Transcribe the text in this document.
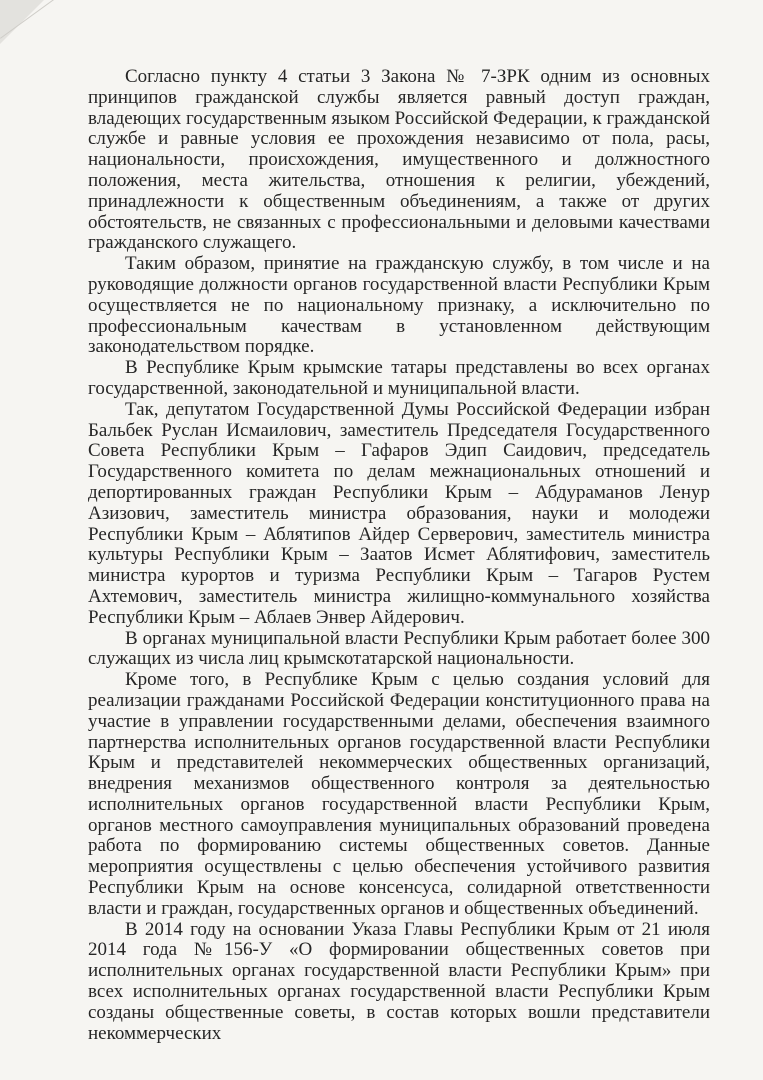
Согласно пункту 4 статьи 3 Закона № 7-ЗРК одним из основных принципов гражданской службы является равный доступ граждан, владеющих государственным языком Российской Федерации, к гражданской службе и равные условия ее прохождения независимо от пола, расы, национальности, происхождения, имущественного и должностного положения, места жительства, отношения к религии, убеждений, принадлежности к общественным объединениям, а также от других обстоятельств, не связанных с профессиональными и деловыми качествами гражданского служащего.

Таким образом, принятие на гражданскую службу, в том числе и на руководящие должности органов государственной власти Республики Крым осуществляется не по национальному признаку, а исключительно по профессиональным качествам в установленном действующим законодательством порядке.

В Республике Крым крымские татары представлены во всех органах государственной, законодательной и муниципальной власти.

Так, депутатом Государственной Думы Российской Федерации избран Бальбек Руслан Исмаилович, заместитель Председателя Государственного Совета Республики Крым – Гафаров Эдип Саидович, председатель Государственного комитета по делам межнациональных отношений и депортированных граждан Республики Крым – Абдураманов Ленур Азизович, заместитель министра образования, науки и молодежи Республики Крым – Аблятипов Айдер Серверович, заместитель министра культуры Республики Крым – Заатов Исмет Аблятифович, заместитель министра курортов и туризма Республики Крым – Тагаров Рустем Ахтемович, заместитель министра жилищно-коммунального хозяйства Республики Крым – Аблаев Энвер Айдерович.

В органах муниципальной власти Республики Крым работает более 300 служащих из числа лиц крымскотатарской национальности.

Кроме того, в Республике Крым с целью создания условий для реализации гражданами Российской Федерации конституционного права на участие в управлении государственными делами, обеспечения взаимного партнерства исполнительных органов государственной власти Республики Крым и представителей некоммерческих общественных организаций, внедрения механизмов общественного контроля за деятельностью исполнительных органов государственной власти Республики Крым, органов местного самоуправления муниципальных образований проведена работа по формированию системы общественных советов. Данные мероприятия осуществлены с целью обеспечения устойчивого развития Республики Крым на основе консенсуса, солидарной ответственности власти и граждан, государственных органов и общественных объединений.

В 2014 году на основании Указа Главы Республики Крым от 21 июля 2014 года №156-У «О формировании общественных советов при исполнительных органах государственной власти Республики Крым» при всех исполнительных органах государственной власти Республики Крым созданы общественные советы, в состав которых вошли представители некоммерческих
